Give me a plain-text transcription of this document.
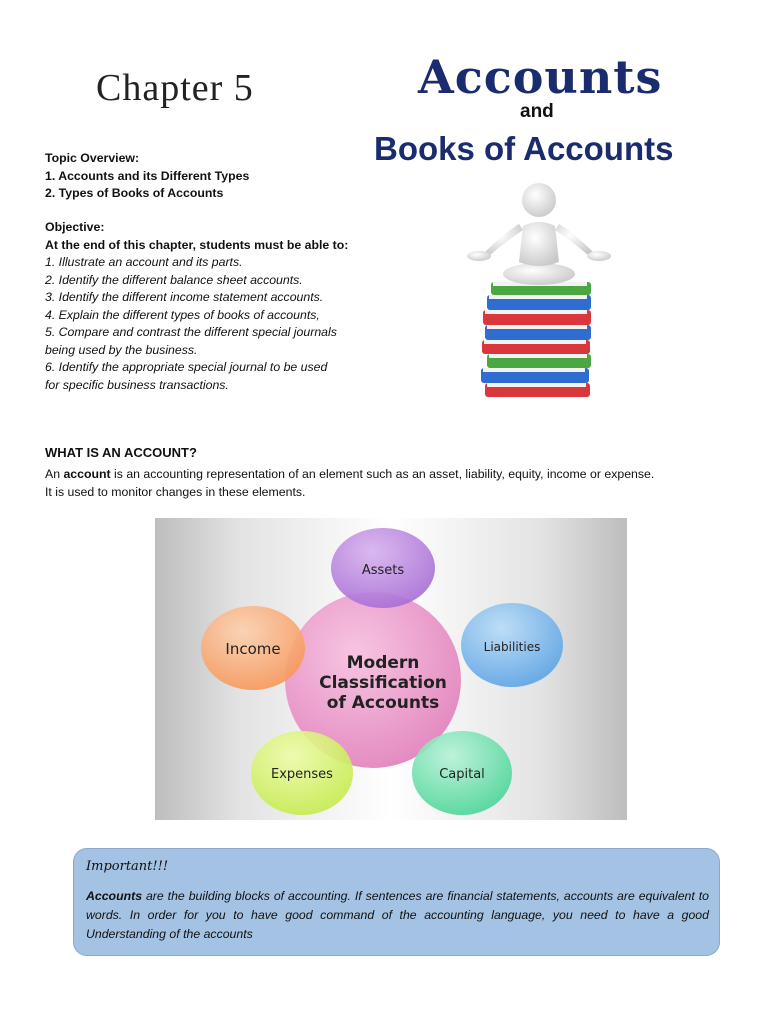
Chapter 5	Accounts
and
Books of Accounts
Topic Overview:
1. Accounts and its Different Types
2. Types of Books of Accounts
Objective:
At the end of this chapter, students must be able to:
1. Illustrate an account and its parts.
2. Identify the different balance sheet accounts.
3. Identify the different income statement accounts.
4. Explain the different types of books of accounts,
5. Compare and contrast the different special journals
being used by the business.
6. Identify the appropriate special journal to be used
for specific business transactions.
WHAT IS AN ACCOUNT?
An account is an accounting representation of an element such as an asset, liability, equity, income or expense.
It is used to monitor changes in these elements.
Modern
Classification
of Accounts
Assets
Liabilities
Capital
Expenses
Income
Important!!!
Accounts are the building blocks of accounting. If sentences are financial statements, accounts are equivalent to words. In order for you to have good command of the accounting language, you need to have a good Understanding of the accounts
